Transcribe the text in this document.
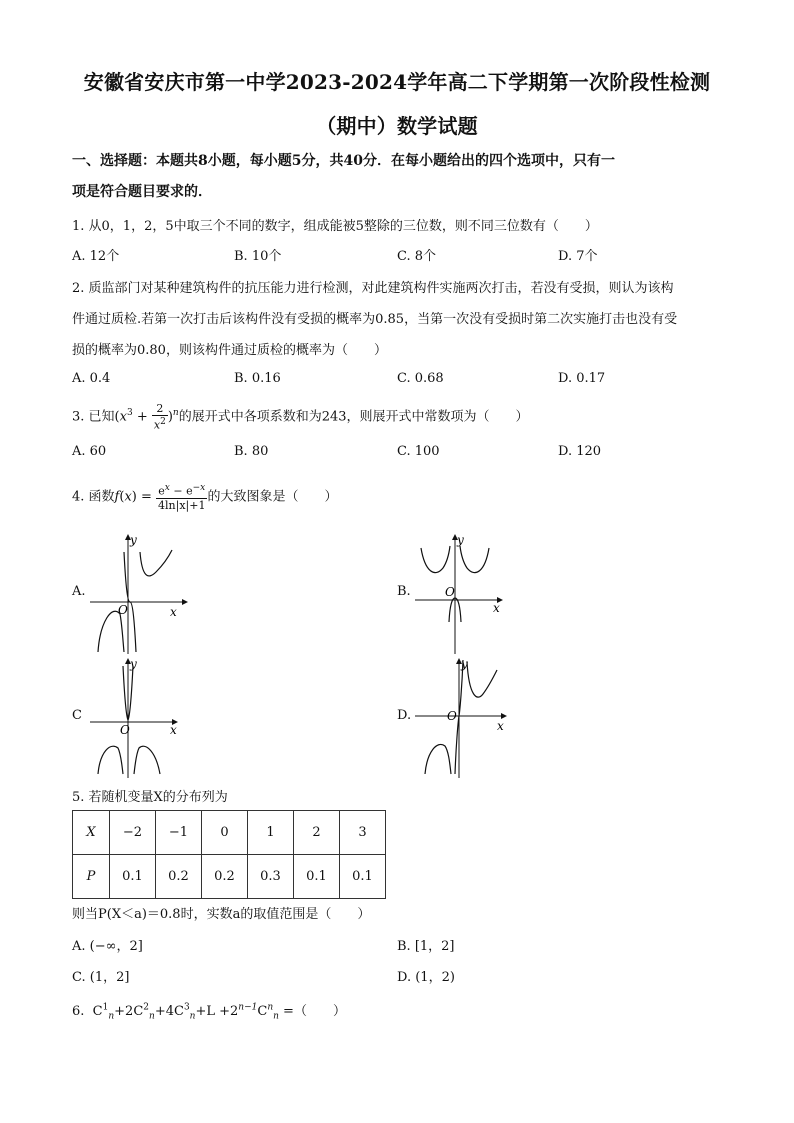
安徽省安庆市第一中学2023-2024学年高二下学期第一次阶段性检测
（期中）数学试题
一、选择题：本题共8小题，每小题5分，共40分．在每小题给出的四个选项中，只有一
项是符合题目要求的．
1. 从0，1，2，5中取三个不同的数字，组成能被5整除的三位数，则不同三位数有（　　）
A. 12个	B. 10个	C. 8个	D. 7个
2. 质监部门对某种建筑构件的抗压能力进行检测，对此建筑构件实施两次打击，若没有受损，则认为该构
件通过质检.若第一次打击后该构件没有受损的概率为0.85，当第一次没有受损时第二次实施打击也没有受
损的概率为0.80，则该构件通过质检的概率为（　　）
A. 0.4	B. 0.16	C. 0.68	D. 0.17
3. 已知$(x^3 + \frac{2}{x^2} )^n$的展开式中各项系数和为243，则展开式中常数项为（　　）
A. 60	B. 80	C. 100	D. 120
4. 函数$f(x) = \frac{e^x - e^{-x}}{4\ln|x|+1}$ 的大致图象是（　　）
A.
y
x
O
B.
y
x
O
C
y
x
O
D.
y
x
O
5. 若随机变量X的分布列为
X	−2	−1	0	1	2	3
P	0.1	0.2	0.2	0.3	0.1	0.1
则当P(X＜a)＝0.8时，实数a的取值范围是（　　）
A. (−∞，2]	B. [1，2]
C. (1，2]	D. (1，2)
6. $C^1_n+2C^2_n+4C^3_n+L +2^{n-1}C^n_n$ =（　　）
